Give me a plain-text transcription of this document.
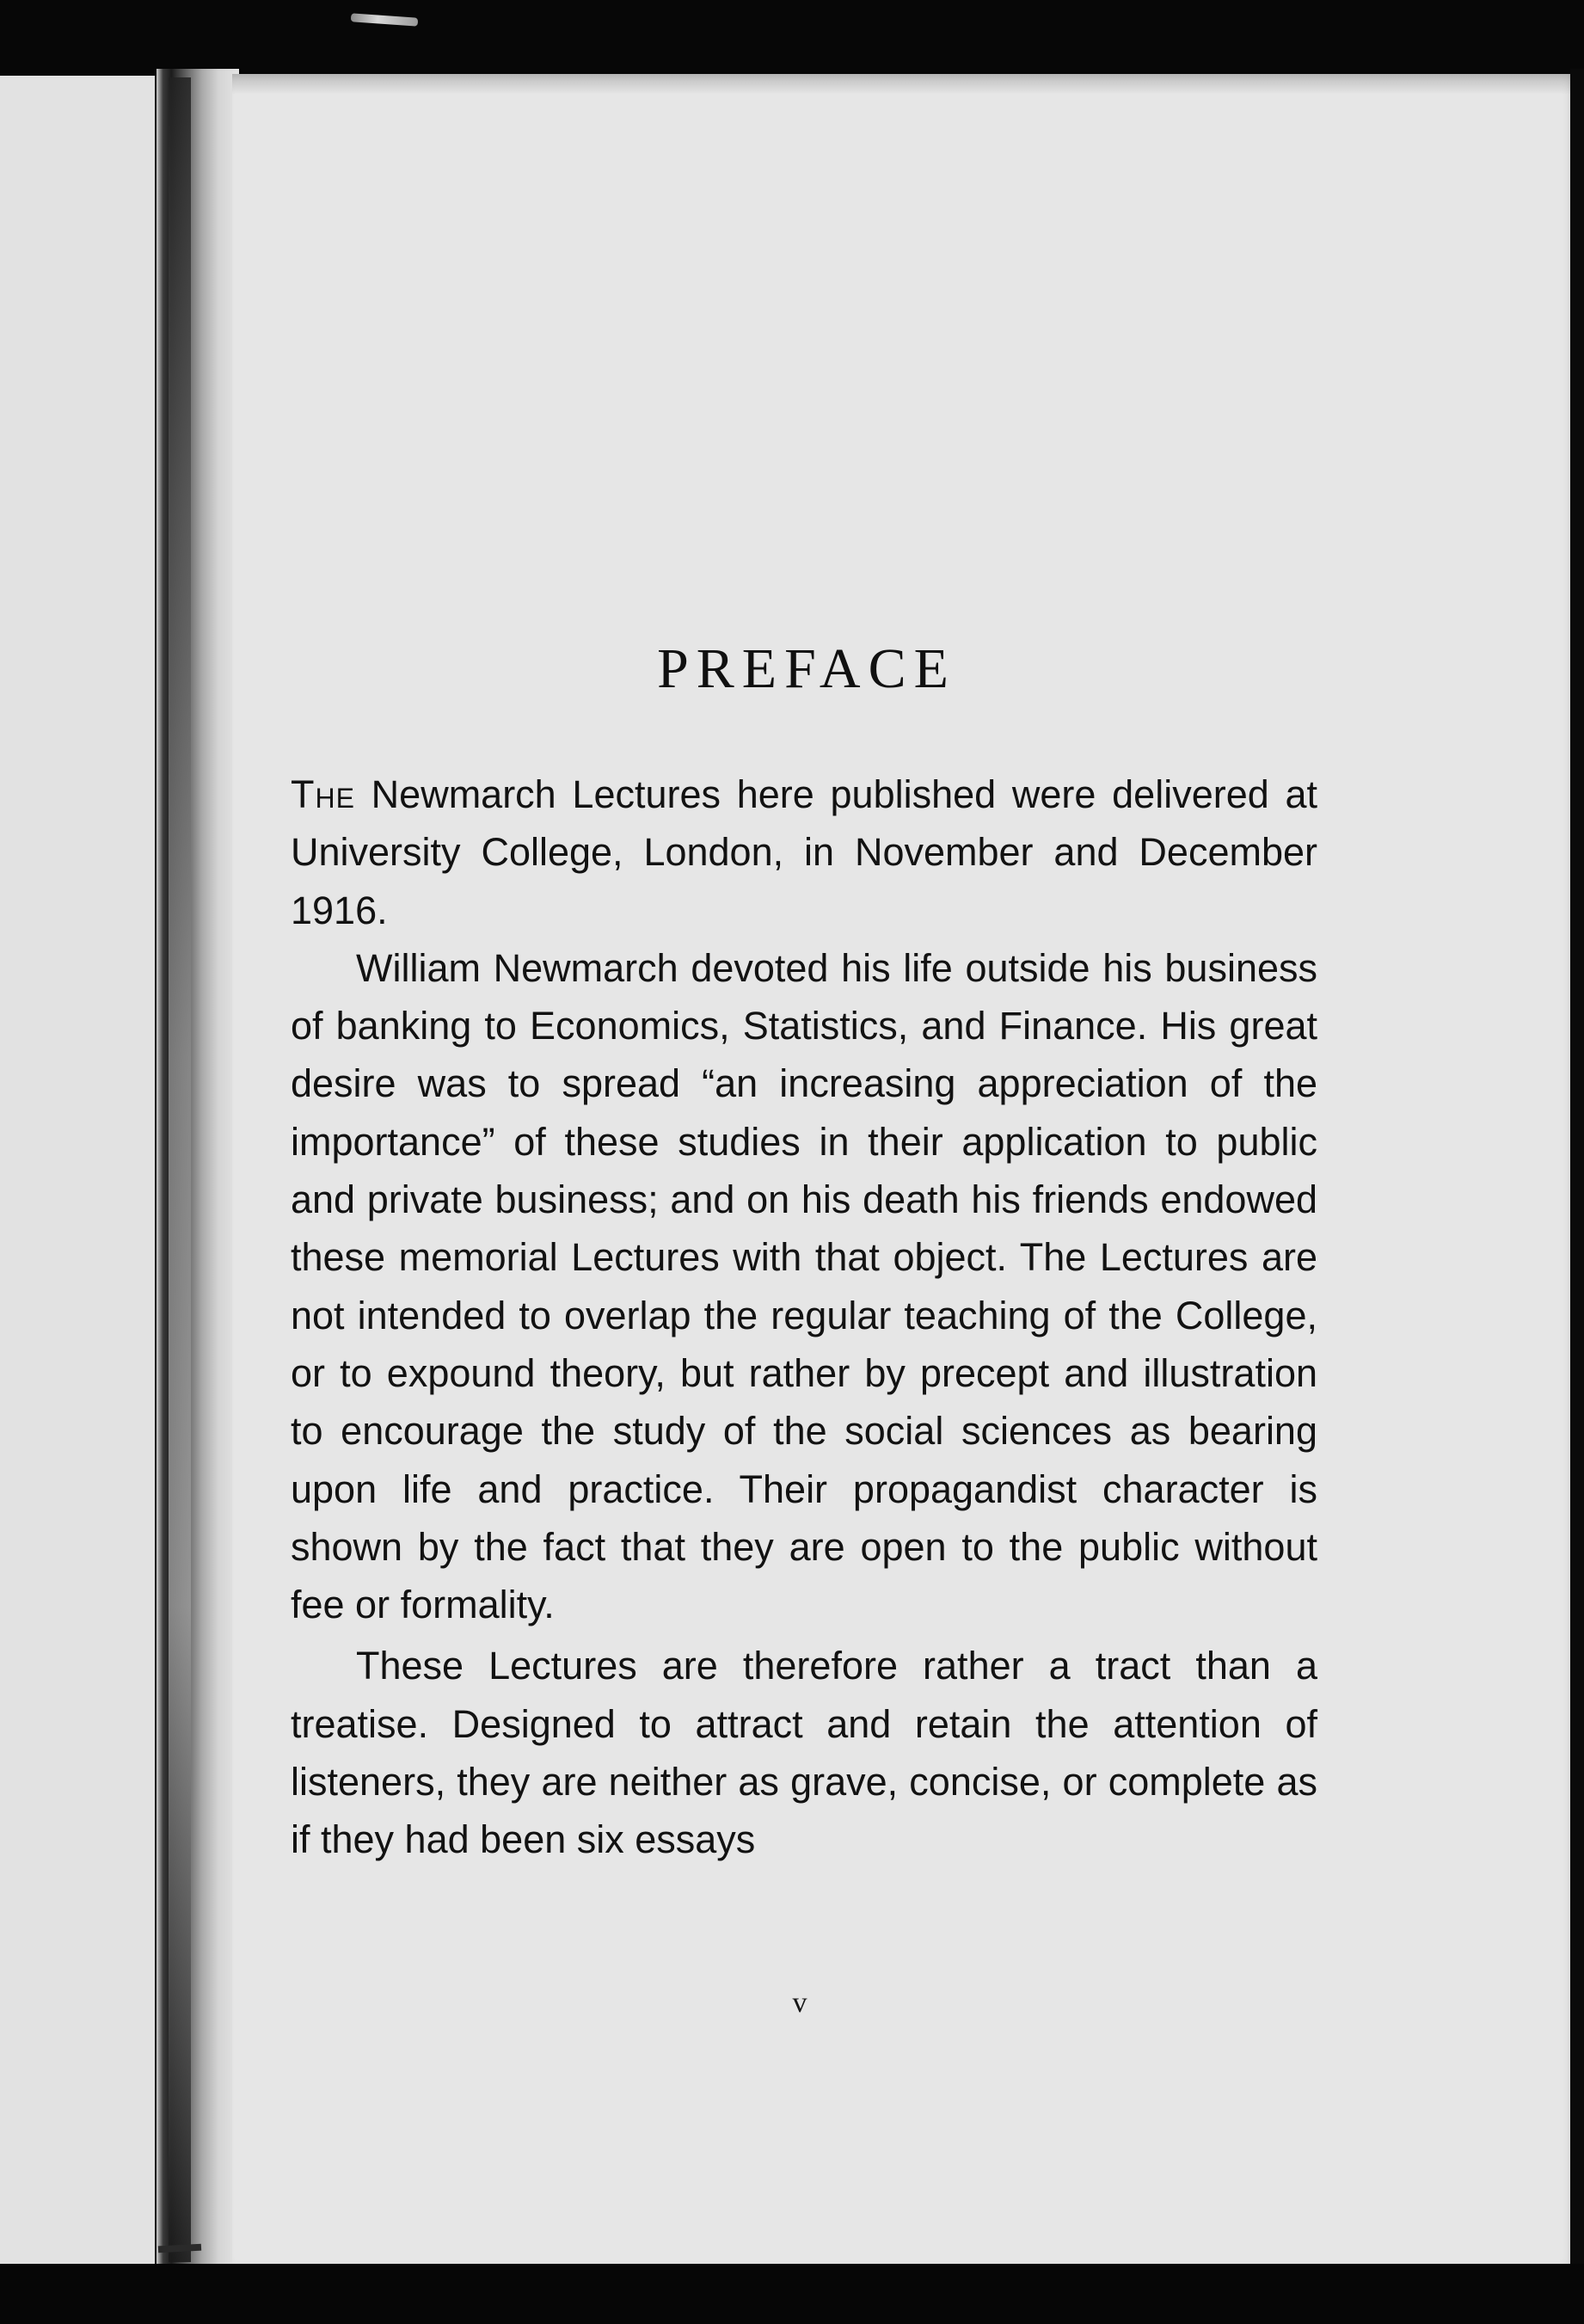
PREFACE

The Newmarch Lectures here published were delivered at University College, London, in November and December 1916.

William Newmarch devoted his life outside his business of banking to Economics, Statistics, and Finance. His great desire was to spread “an increasing appreciation of the importance” of these studies in their application to public and private business; and on his death his friends endowed these memorial Lectures with that object. The Lectures are not intended to overlap the regular teaching of the College, or to expound theory, but rather by precept and illustration to encourage the study of the social sciences as bearing upon life and practice. Their propagandist character is shown by the fact that they are open to the public without fee or formality.

These Lectures are therefore rather a tract than a treatise. Designed to attract and retain the attention of listeners, they are neither as grave, concise, or complete as if they had been six essays

v
